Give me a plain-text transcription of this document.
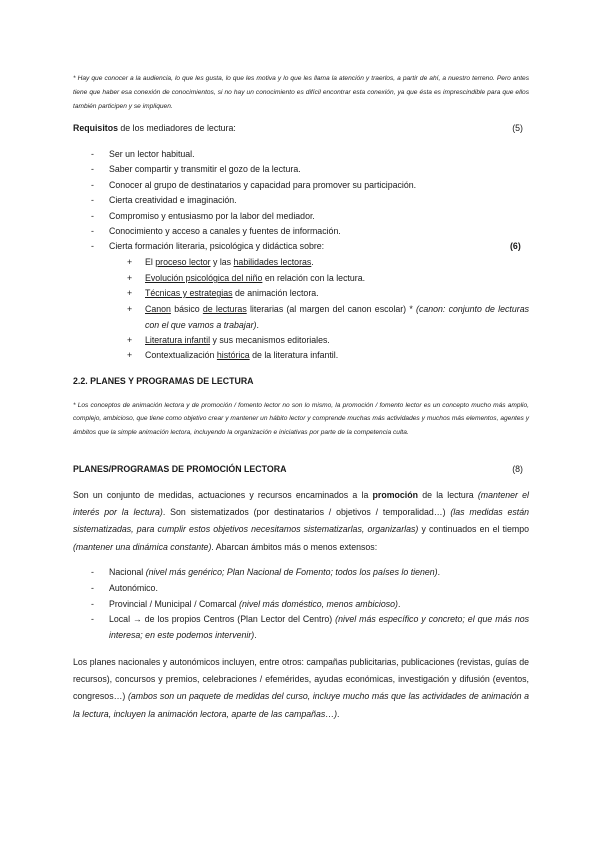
* Hay que conocer a la audiencia, lo que les gusta, lo que les motiva y lo que les llama la atención y traerlos, a partir de ahí, a nuestro terreno. Pero antes tiene que haber esa conexión de conocimientos, si no hay un conocimiento es difícil encontrar esta conexión, ya que ésta es imprescindible para que ellos también participen y se impliquen.
Requisitos de los mediadores de lectura:	(5)
- Ser un lector habitual.
- Saber compartir y transmitir el gozo de la lectura.
- Conocer al grupo de destinatarios y capacidad para promover su participación.
- Cierta creatividad e imaginación.
- Compromiso y entusiasmo por la labor del mediador.
- Conocimiento y acceso a canales y fuentes de información.
- Cierta formación literaria, psicológica y didáctica sobre:	(6)
+ El proceso lector y las habilidades lectoras.
+ Evolución psicológica del niño en relación con la lectura.
+ Técnicas y estrategias de animación lectora.
+ Canon básico de lecturas literarias (al margen del canon escolar) * (canon: conjunto de lecturas con el que vamos a trabajar).
+ Literatura infantil y sus mecanismos editoriales.
+ Contextualización histórica de la literatura infantil.
2.2. PLANES Y PROGRAMAS DE LECTURA
* Los conceptos de animación lectora y de promoción / fomento lector no son lo mismo, la promoción / fomento lector es un concepto mucho más amplio, complejo, ambicioso, que tiene como objetivo crear y mantener un hábito lector y comprende muchas más actividades y muchos más elementos, agentes y ámbitos que la simple animación lectora, incluyendo la organización e iniciativas por parte de la competencia culta.
PLANES/PROGRAMAS DE PROMOCIÓN LECTORA	(8)
Son un conjunto de medidas, actuaciones y recursos encaminados a la promoción de la lectura (mantener el interés por la lectura). Son sistematizados (por destinatarios / objetivos / temporalidad…) (las medidas están sistematizadas, para cumplir estos objetivos necesitamos sistematizarlas, organizarlas) y continuados en el tiempo (mantener una dinámica constante). Abarcan ámbitos más o menos extensos:
- Nacional (nivel más genérico; Plan Nacional de Fomento; todos los países lo tienen).
- Autonómico.
- Provincial / Municipal / Comarcal (nivel más doméstico, menos ambicioso).
- Local → de los propios Centros (Plan Lector del Centro) (nivel más específico y concreto; el que más nos interesa; en este podemos intervenir).
Los planes nacionales y autonómicos incluyen, entre otros: campañas publicitarias, publicaciones (revistas, guías de recursos), concursos y premios, celebraciones / efemérides, ayudas económicas, investigación y difusión (eventos, congresos…) (ambos son un paquete de medidas del curso, incluye mucho más que las actividades de animación a la lectura, incluyen la animación lectora, aparte de las campañas…).
